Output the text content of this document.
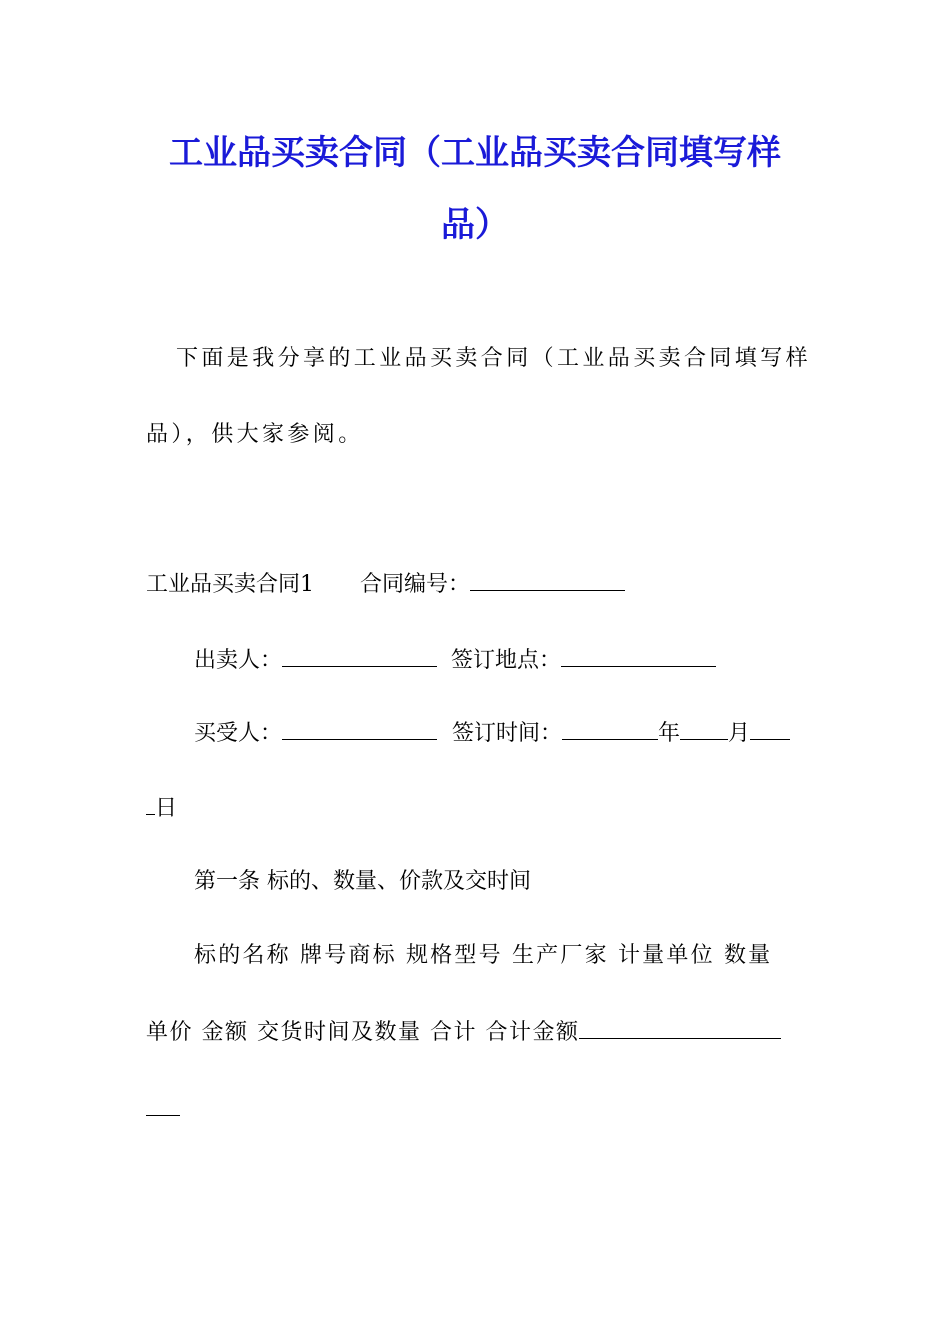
工业品买卖合同（工业品买卖合同填写样
品）
下面是我分享的工业品买卖合同（工业品买卖合同填写样
品），供大家参阅。
工业品买卖合同1 合同编号：
出卖人：	签订地点：
买受人：	签订时间：	年 月
日
第一条 标的、数量、价款及交时间
标的名称 牌号商标 规格型号 生产厂家 计量单位 数量
单价 金额 交货时间及数量 合计 合计金额
